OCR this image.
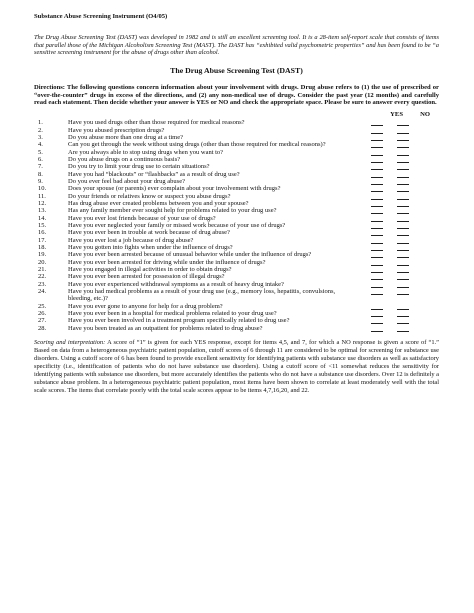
Substance Abuse Screening Instrument (O4/05)
The Drug Abuse Screening Test (DAST) was developed in 1982 and is still an excellent screening tool. It is a 28-item self-report scale that consists of items that parallel those of the Michigan Alcoholism Screening Test (MAST). The DAST has “exhibited valid psychometric properties” and has been found to be “a sensitive screening instrument for the abuse of drugs other than alcohol.
The Drug Abuse Screening Test (DAST)
Directions: The following questions concern information about your involvement with drugs. Drug abuse refers to (1) the use of prescribed or “over-the-counter” drugs in excess of the directions, and (2) any non-medical use of drugs. Consider the past year (12 months) and carefully read each statement. Then decide whether your answer is YES or NO and check the appropriate space. Please be sure to answer every question.
YES	NO
1.	Have you used drugs other than those required for medical reasons?
2.	Have you abused prescription drugs?
3.	Do you abuse more than one drug at a time?
4.	Can you get through the week without using drugs (other than those required for medical reasons)?
5.	Are you always able to stop using drugs when you want to?
6.	Do you abuse drugs on a continuous basis?
7.	Do you try to limit your drug use to certain situations?
8.	Have you had “blackouts” or “flashbacks” as a result of drug use?
9.	Do you ever feel bad about your drug abuse?
10.	Does your spouse (or parents) ever complain about your involvement with drugs?
11.	Do your friends or relatives know or suspect you abuse drugs?
12.	Has drug abuse ever created problems between you and your spouse?
13.	Has any family member ever sought help for problems related to your drug use?
14.	Have you ever lost friends because of your use of drugs?
15.	Have you ever neglected your family or missed work because of your use of drugs?
16.	Have you ever been in trouble at work because of drug abuse?
17.	Have you ever lost a job because of drug abuse?
18.	Have you gotten into fights when under the influence of drugs?
19.	Have you ever been arrested because of unusual behavior while under the influence of drugs?
20.	Have you ever been arrested for driving while under the influence of drugs?
21.	Have you engaged in illegal activities in order to obtain drugs?
22.	Have you ever been arrested for possession of illegal drugs?
23.	Have you ever experienced withdrawal symptoms as a result of heavy drug intake?
24.	Have you had medical problems as a result of your drug use (e.g., memory loss, hepatitis, convulsions, bleeding, etc.)?
25.	Have you ever gone to anyone for help for a drug problem?
26.	Have you ever been in a hospital for medical problems related to your drug use?
27.	Have you ever been involved in a treatment program specifically related to drug use?
28.	Have you been treated as an outpatient for problems related to drug abuse?
Scoring and interpretation: A score of “1” is given for each YES response, except for items 4,5, and 7, for which a NO response is given a score of “1.” Based on data from a heterogeneous psychiatric patient population, cutoff scores of 6 through 11 are considered to be optimal for screening for substance use disorders. Using a cutoff score of 6 has been found to provide excellent sensitivity for identifying patients with substance use disorders as well as satisfactory specificity (i.e., identification of patients who do not have substance use disorders). Using a cutoff score of <11 somewhat reduces the sensitivity for identifying patients with substance use disorders, but more accurately identifies the patients who do not have a substance use disorders. Over 12 is definitely a substance abuse problem. In a heterogeneous psychiatric patient population, most items have been shown to correlate at least moderately well with the total scale scores. The items that correlate poorly with the total scale scores appear to be items 4,7,16,20, and 22.
